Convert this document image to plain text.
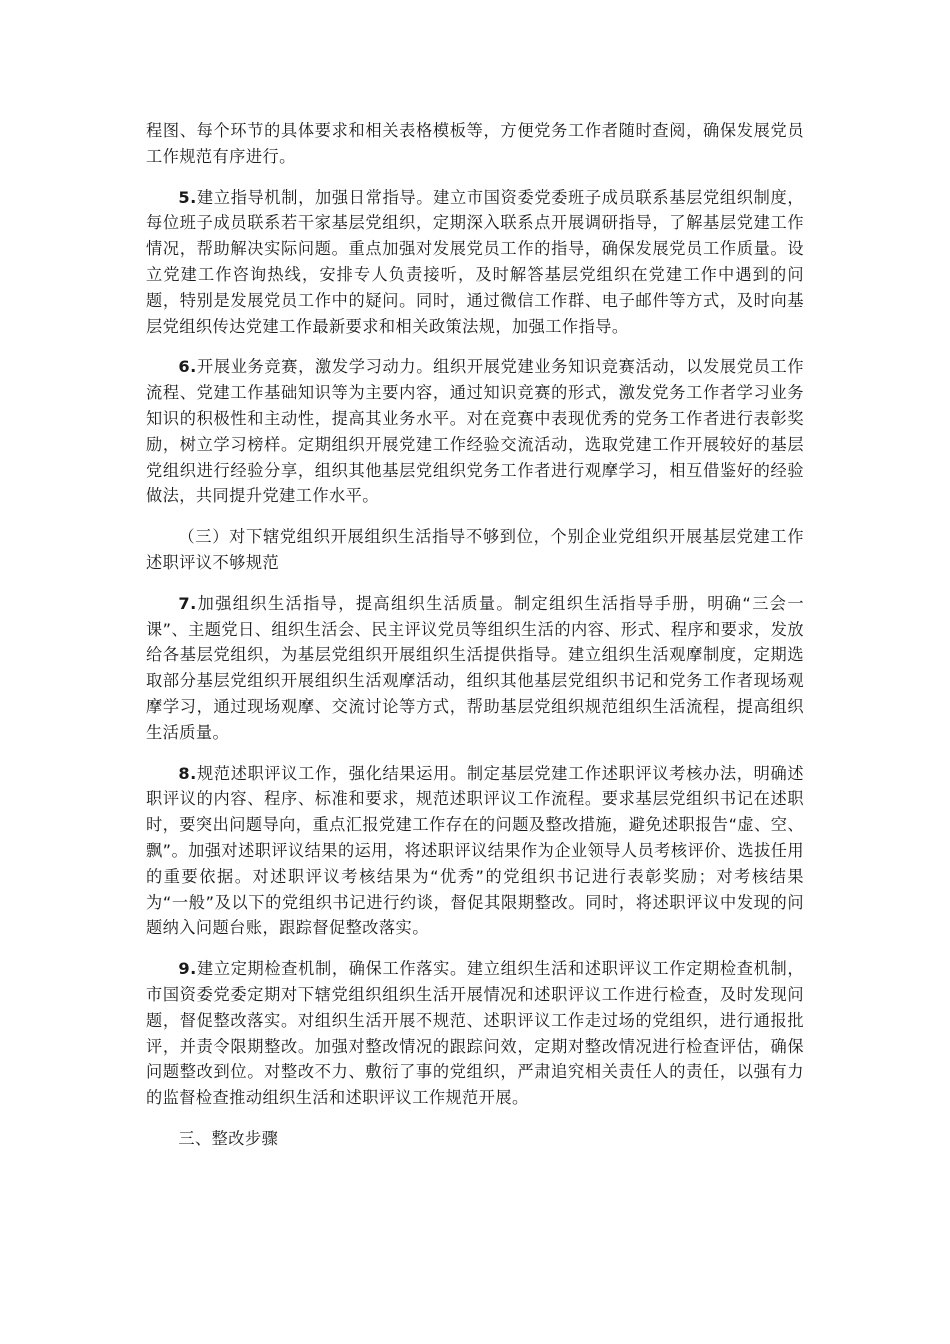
程图、每个环节的具体要求和相关表格模板等，方便党务工作者随时查阅，确保发展党员工作规范有序进行。

5.建立指导机制，加强日常指导。建立市国资委党委班子成员联系基层党组织制度，每位班子成员联系若干家基层党组织，定期深入联系点开展调研指导，了解基层党建工作情况，帮助解决实际问题。重点加强对发展党员工作的指导，确保发展党员工作质量。设立党建工作咨询热线，安排专人负责接听，及时解答基层党组织在党建工作中遇到的问题，特别是发展党员工作中的疑问。同时，通过微信工作群、电子邮件等方式，及时向基层党组织传达党建工作最新要求和相关政策法规，加强工作指导。

6.开展业务竞赛，激发学习动力。组织开展党建业务知识竞赛活动，以发展党员工作流程、党建工作基础知识等为主要内容，通过知识竞赛的形式，激发党务工作者学习业务知识的积极性和主动性，提高其业务水平。对在竞赛中表现优秀的党务工作者进行表彰奖励，树立学习榜样。定期组织开展党建工作经验交流活动，选取党建工作开展较好的基层党组织进行经验分享，组织其他基层党组织党务工作者进行观摩学习，相互借鉴好的经验做法，共同提升党建工作水平。

（三）对下辖党组织开展组织生活指导不够到位，个别企业党组织开展基层党建工作述职评议不够规范

7.加强组织生活指导，提高组织生活质量。制定组织生活指导手册，明确“三会一课”、主题党日、组织生活会、民主评议党员等组织生活的内容、形式、程序和要求，发放给各基层党组织，为基层党组织开展组织生活提供指导。建立组织生活观摩制度，定期选取部分基层党组织开展组织生活观摩活动，组织其他基层党组织书记和党务工作者现场观摩学习，通过现场观摩、交流讨论等方式，帮助基层党组织规范组织生活流程，提高组织生活质量。

8.规范述职评议工作，强化结果运用。制定基层党建工作述职评议考核办法，明确述职评议的内容、程序、标准和要求，规范述职评议工作流程。要求基层党组织书记在述职时，要突出问题导向，重点汇报党建工作存在的问题及整改措施，避免述职报告“虚、空、飘”。加强对述职评议结果的运用，将述职评议结果作为企业领导人员考核评价、选拔任用的重要依据。对述职评议考核结果为“优秀”的党组织书记进行表彰奖励；对考核结果为“一般”及以下的党组织书记进行约谈，督促其限期整改。同时，将述职评议中发现的问题纳入问题台账，跟踪督促整改落实。

9.建立定期检查机制，确保工作落实。建立组织生活和述职评议工作定期检查机制，市国资委党委定期对下辖党组织组织生活开展情况和述职评议工作进行检查，及时发现问题，督促整改落实。对组织生活开展不规范、述职评议工作走过场的党组织，进行通报批评，并责令限期整改。加强对整改情况的跟踪问效，定期对整改情况进行检查评估，确保问题整改到位。对整改不力、敷衍了事的党组织，严肃追究相关责任人的责任，以强有力的监督检查推动组织生活和述职评议工作规范开展。

三、整改步骤
